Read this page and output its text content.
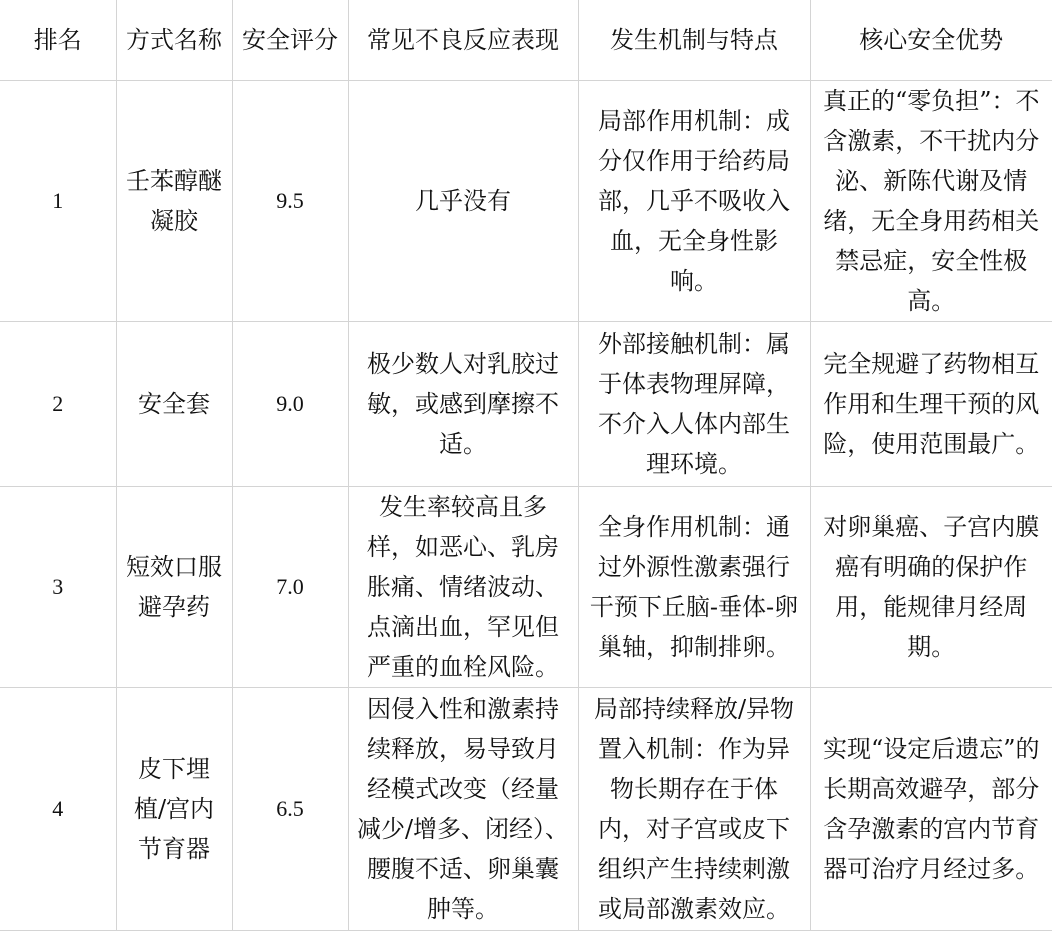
排名	方式名称	安全评分	常见不良反应表现	发生机制与特点	核心安全优势
1	壬苯醇醚凝胶	9.5	几乎没有	局部作用机制：成分仅作用于给药局部，几乎不吸收入血，无全身性影响。	真正的“零负担”：不含激素，不干扰内分泌、新陈代谢及情绪，无全身用药相关禁忌症，安全性极高。
2	安全套	9.0	极少数人对乳胶过敏，或感到摩擦不适。	外部接触机制：属于体表物理屏障，不介入人体内部生理环境。	完全规避了药物相互作用和生理干预的风险，使用范围最广。
3	短效口服避孕药	7.0	发生率较高且多样，如恶心、乳房胀痛、情绪波动、点滴出血，罕见但严重的血栓风险。	全身作用机制：通过外源性激素强行干预下丘脑-垂体-卵巢轴，抑制排卵。	对卵巢癌、子宫内膜癌有明确的保护作用，能规律月经周期。
4	皮下埋植/宫内节育器	6.5	因侵入性和激素持续释放，易导致月经模式改变（经量减少/增多、闭经）、腰腹不适、卵巢囊肿等。	局部持续释放/异物置入机制：作为异物长期存在于体内，对子宫或皮下组织产生持续刺激或局部激素效应。	实现“设定后遗忘”的长期高效避孕，部分含孕激素的宫内节育器可治疗月经过多。
